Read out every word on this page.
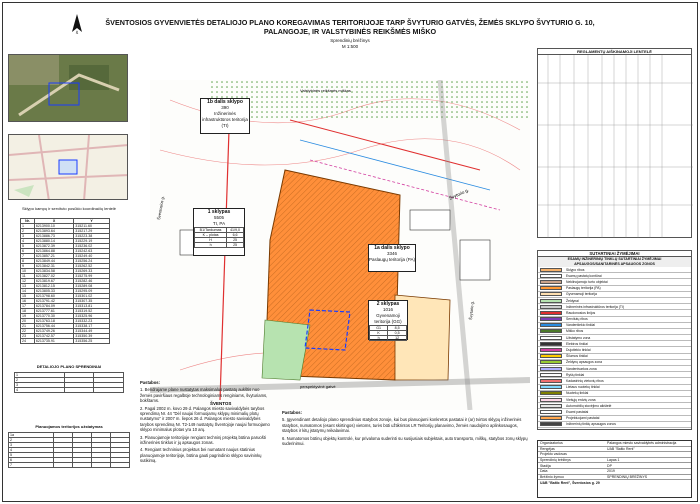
Š
ŠVENTOSIOS GYVENVIETĖS DETALIOJO PLANO KOREGAVIMAS TERITORIJOJE TARP ŠVYTURIO GATVĖS, ŽEMĖS SKLYPO ŠVYTURIO G. 10, PALANGOJE, IR VALSTYBINĖS REIKŠMĖS MIŠKO
Sprendinių brėžinys
M 1:500
Sklypo kampų ir servituto posūkio koordinačių lentelė
Nr.	X	Y
1	6213900.10	315211.60
2	6213893.64	315217.29
3	6213886.73	315223.38
4	6213880.14	315229.19
5	6213872.39	315236.02
6	6213864.88	315242.63
7	6213857.21	315249.40
8	6213849.44	315256.24
9	6213842.31	315262.52
10	6213834.58	315269.33
11	6213827.02	315275.99
12	6213819.67	315282.46
13	6213812.15	315289.08
14	6213805.33	315295.09
15	6213798.60	315301.02
16	6213791.42	315307.35
17	6213784.09	315313.81
18	6213777.61	315319.52
19	6213770.30	315325.96
20	6213763.18	315332.23
21	6213756.44	315338.17
22	6213749.26	315344.49
23	6213742.57	315350.39
24	6213735.91	315356.25
DETALIOJO PLANO SPRENDINIAI
1		
2		
3		
4		
Planuojamos teritorijos užstatymas
1a				
2				
3				
4				
5				
6				
7				
Valstybinės reikšmės miškas
Šventosios g.
Švyturio g.
perspektyvinė gatvė
Švyturio g.
ŠVENTOS
1b dalis sklypo
390
Inžinerinės infrastruktūros teritorija (TI)
1 sklypas
5505
TI, PA
B1/Tankumas	41/9,0
K – plotas	6,6
H	25
h	25	1a dalis sklypo
3346
Paslaugų teritorija (PA)
2 sklypas
1016
Gyvenamoji teritorija (GG)
G1	8,5
K	0,5
h	12
REGLAMENTŲ AIŠKINAMOJI LENTELĖ
SUTARTINIAI ŽYMĖJIMAI
ESAMŲ INŽINERINIŲ TINKLŲ SUTARTINIAI ŽYMĖJIMAI
APSAUGOS/SANITARINĖS APSAUGOS ZONOS
Sklypo ribos
Esamų pastatų kontūrai
Nekilnojamojo turto objektai
Paslaugų teritorija (PA)
Gyvenamoji teritorija
Želdynai
Inžinerinės infrastruktūros teritorija (TI)
Raudonosios linijos
Servitutų ribos
Vandentiekio tinklai
Miško ribos
Užstatymo zona
Elektros tinklai
Dujotiekio tinklai
Šilumos tinklai
Želdynų apsaugos zona
Vandentvarkos zona
Ryšių tinklai
Kadastrinių vietovių ribos
Lietaus nuotekų tinklai
Nuotekų tinklai
Viešųjų erdvių zona
Automobilių stovėjimo aikštelė
Esami pastatai
Projektuojami pastatai
Inžinerinių tinklų apsaugos zonos
Pastabos:
1. Bendrajame plane nustatytas maksimalus pastatų aukštis nuo žemės paviršiaus regalbūje technologiniams renginiams, švyturiams, bokštams.
2. Pagal 2002 m. kovo 29 d. Palangos miesto savivaldybės tarybos sprendimą Nr. 44 "Dėl naujai formuojamų sklypų minimalių plotų nustatymo" ir 2007 m. liepos 26 d. Palangos miesto savivaldybės tarybos sprendimą Nr. T2-149 nustatytų Šventojoje naujai formuojamo sklypo minimalus plotas yra 10 arų.
3. Planuojamoje teritorijoje rengiant techninį projektą būtina paruošti inžinerinės tinklus ir jų apsaugos zonas.
4. Rengiant techninius projektus bei numatant naujus statinius planuojamoje teritorijoje, būtina gauti pagrindinio sklypo savininkų sutikimą.
Pastabos:
5. Įgyvendinant detaliojo plano sprendinius statybos zonoje, kai bus planuojami konkretūs pastatai ir (ar) tvirtos sklypų inžinerinės statybos, numatomos (esant skirtingos) vietoms, turės būti užtikrintos LR Teritorijų planavimo, žemės naudojimo aplinkosaugos, statybos ir kitų įstatymų reikalavimai.
6. Numatomos būtinų objektų kontrolė, kur privaloma suderinti su susijusiais subjektais, auto transporto, miškų, statybos zonų sklypų suderinimui.	Organizatorius	Palangos miesto savivaldybės administracija
Rengėjas	UAB "Baltic Rent"
Projekto vadovas
Sprendinių brėžinys	Lapas 1
Stadija	DP
Data	2019
Brėžinio žymuo	SPRENDINIŲ BRĖŽINYS
UAB "Baltic Rent", Šventosios g. 29
